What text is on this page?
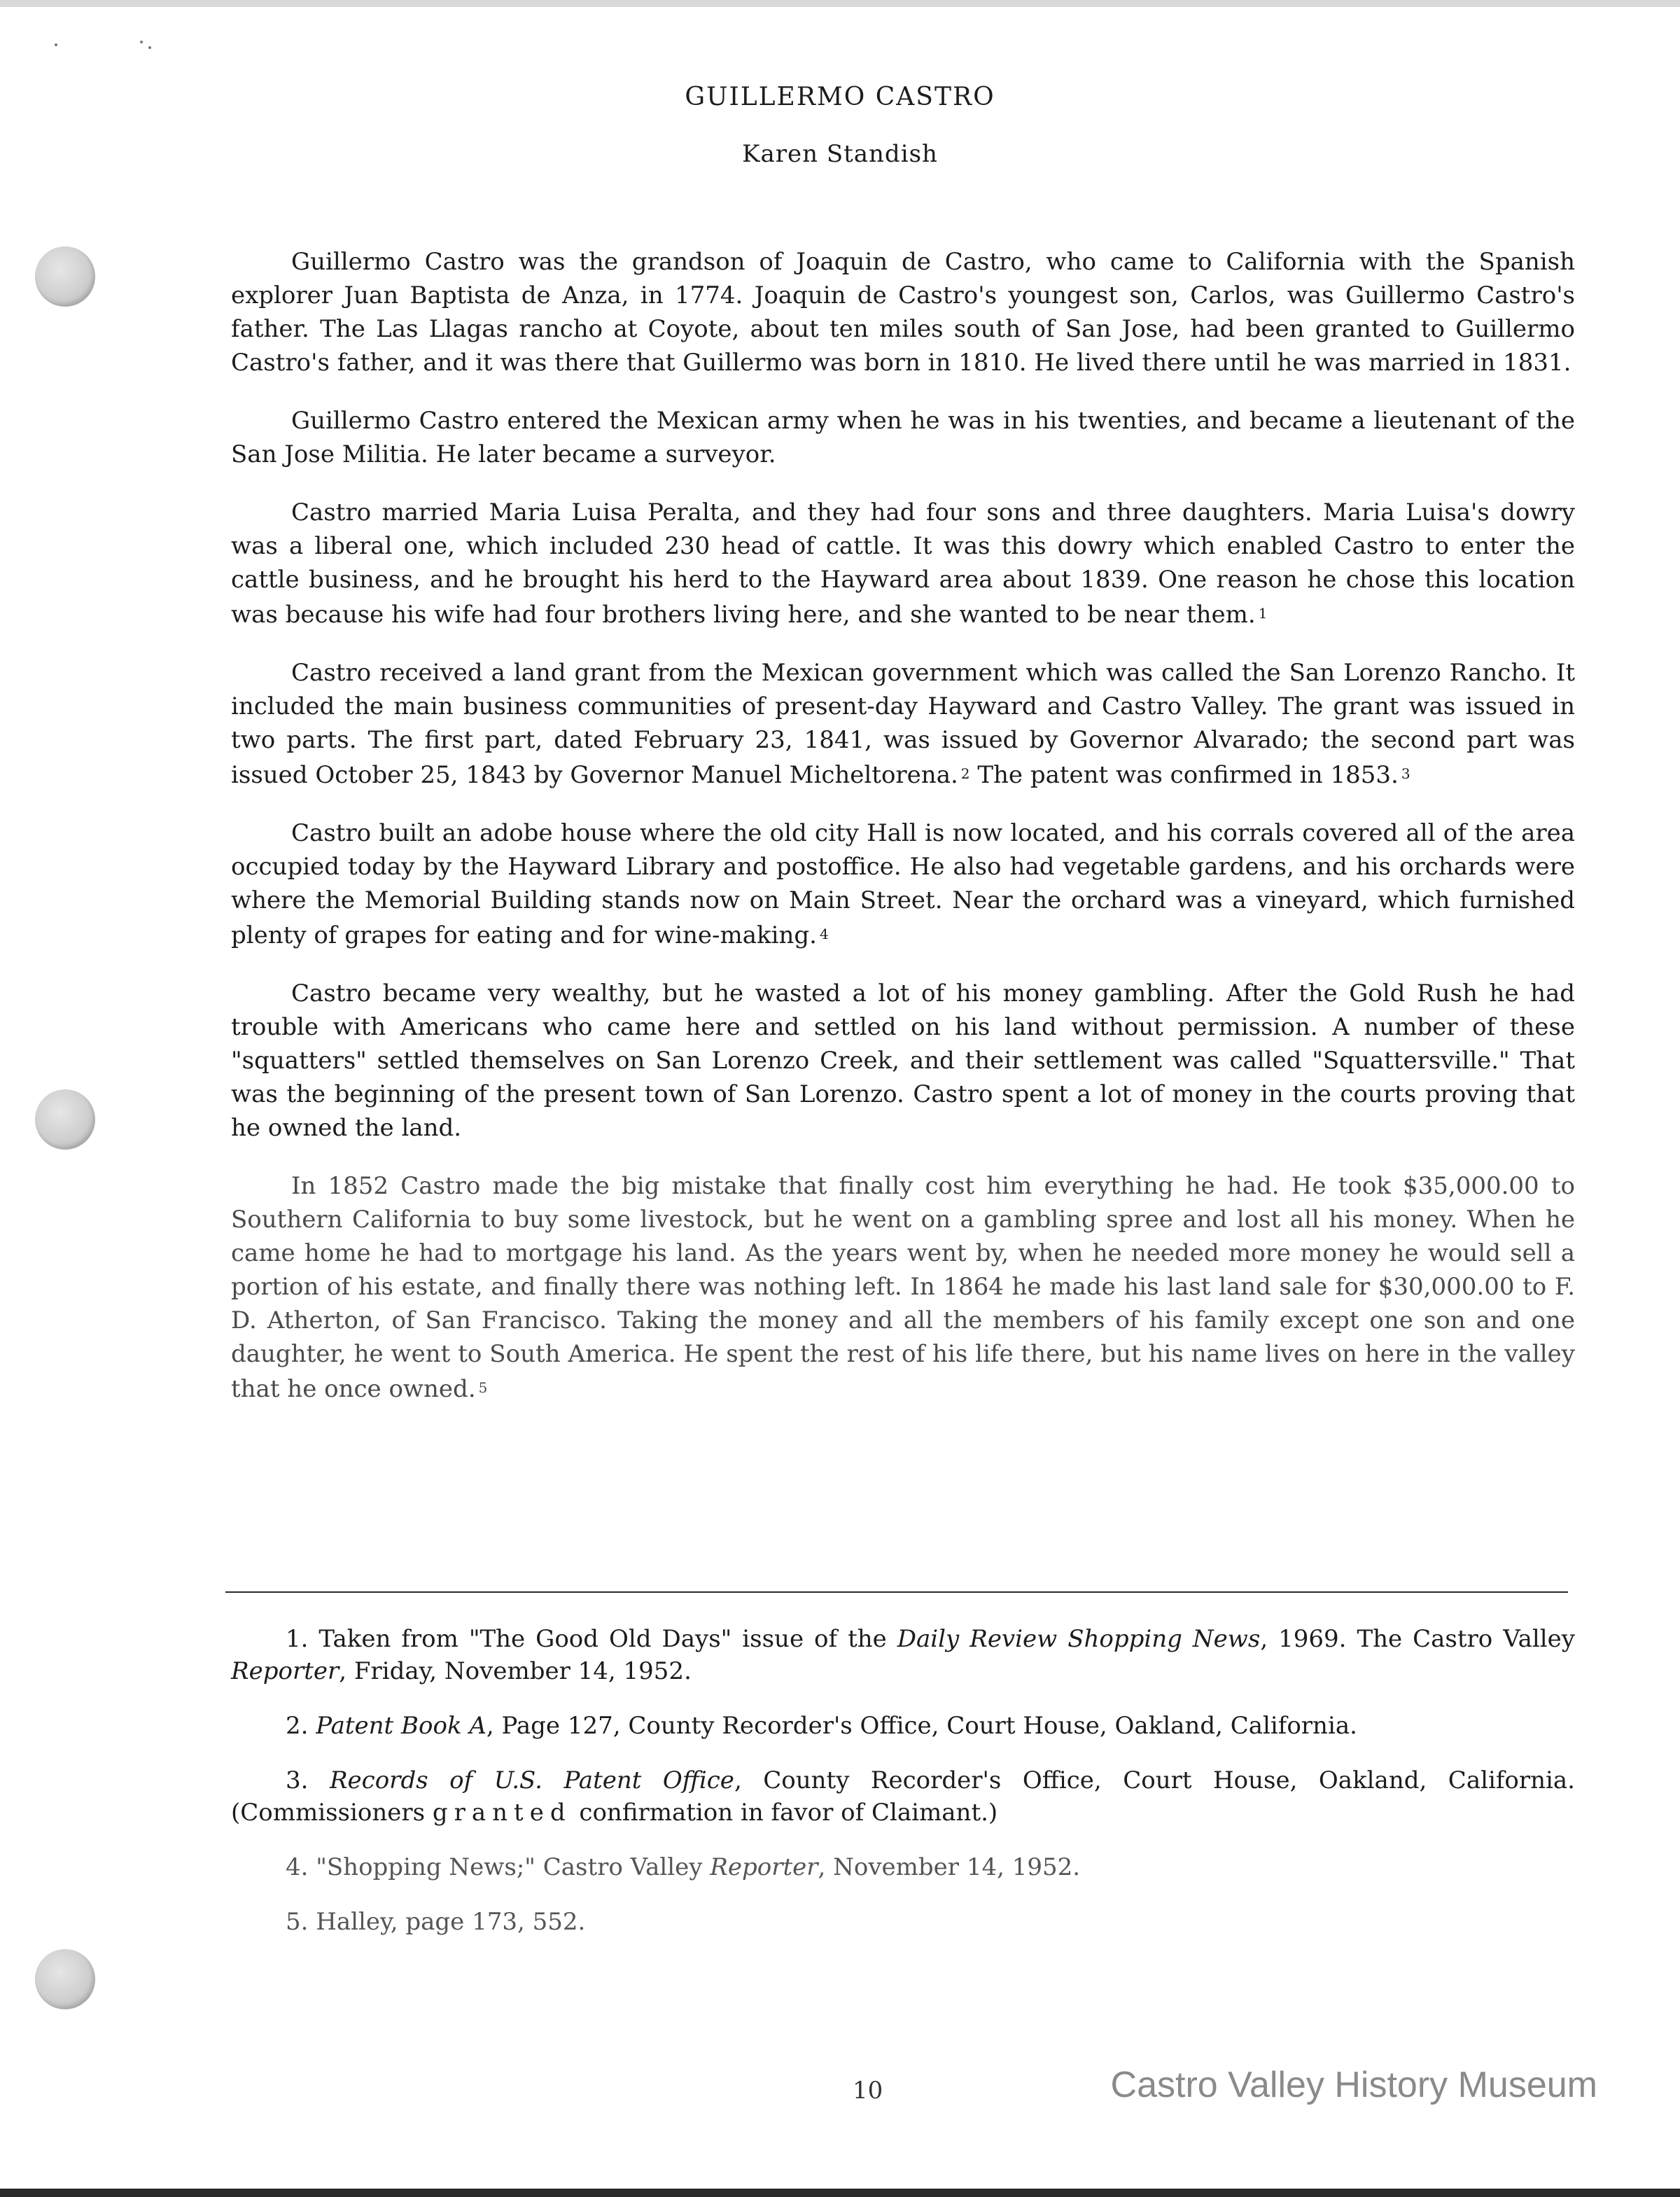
GUILLERMO CASTRO
Karen Standish

Guillermo Castro was the grandson of Joaquin de Castro, who came to California with the Spanish explorer Juan Baptista de Anza, in 1774. Joaquin de Castro's youngest son, Carlos, was Guillermo Castro's father. The Las Llagas rancho at Coyote, about ten miles south of San Jose, had been granted to Guillermo Castro's father, and it was there that Guillermo was born in 1810. He lived there until he was married in 1831.

Guillermo Castro entered the Mexican army when he was in his twenties, and became a lieutenant of the San Jose Militia. He later became a surveyor.

Castro married Maria Luisa Peralta, and they had four sons and three daughters. Maria Luisa's dowry was a liberal one, which included 230 head of cattle. It was this dowry which enabled Castro to enter the cattle business, and he brought his herd to the Hayward area about 1839. One reason he chose this location was because his wife had four brothers living here, and she wanted to be near them. $^1$

Castro received a land grant from the Mexican government which was called the San Lorenzo Rancho. It included the main business communities of present-day Hayward and Castro Valley. The grant was issued in two parts. The first part, dated February 23, 1841, was issued by Governor Alvarado; the second part was issued October 25, 1843 by Governor Manuel Micheltorena. $^2$ The patent was confirmed in 1853. $^3$

Castro built an adobe house where the old city Hall is now located, and his corrals covered all of the area occupied today by the Hayward Library and postoffice. He also had vegetable gardens, and his orchards were where the Memorial Building stands now on Main Street. Near the orchard was a vineyard, which furnished plenty of grapes for eating and for wine-making. $^4$

Castro became very wealthy, but he wasted a lot of his money gambling. After the Gold Rush he had trouble with Americans who came here and settled on his land without permission. A number of these "squatters" settled themselves on San Lorenzo Creek, and their settlement was called "Squattersville." That was the beginning of the present town of San Lorenzo. Castro spent a lot of money in the courts proving that he owned the land.

In 1852 Castro made the big mistake that finally cost him everything he had. He took $35,000.00 to Southern California to buy some livestock, but he went on a gambling spree and lost all his money. When he came home he had to mortgage his land. As the years went by, when he needed more money he would sell a portion of his estate, and finally there was nothing left. In 1864 he made his last land sale for $30,000.00 to F. D. Atherton, of San Francisco. Taking the money and all the members of his family except one son and one daughter, he went to South America. He spent the rest of his life there, but his name lives on here in the valley that he once owned. $^5$

1. Taken from "The Good Old Days" issue of the Daily Review Shopping News, 1969. The Castro Valley Reporter, Friday, November 14, 1952.

2. Patent Book A, Page 127, County Recorder's Office, Court House, Oakland, California.

3. Records of U.S. Patent Office, County Recorder's Office, Court House, Oakland, California. (Commissioners granted confirmation in favor of Claimant.)

4. "Shopping News;" Castro Valley Reporter, November 14, 1952.

5. Halley, page 173, 552.

10	Castro Valley History Museum
